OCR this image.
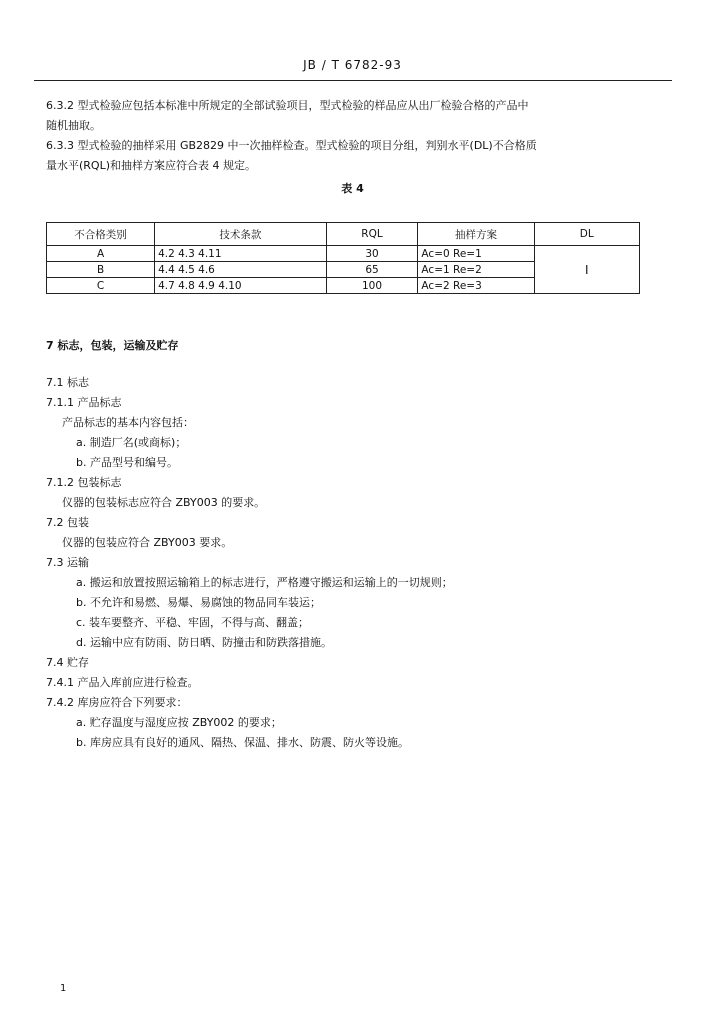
JB / T 6782-93
6.3.2 型式检验应包括本标准中所规定的全部试验项目，型式检验的样品应从出厂检验合格的产品中
随机抽取。
6.3.3 型式检验的抽样采用 GB2829 中一次抽样检查。型式检验的项目分组，判别水平(DL)不合格质
量水平(RQL)和抽样方案应符合表 4 规定。
表 4
不合格类别	技术条款	RQL	抽样方案	DL
A	4.2 4.3 4.11	30	Ac=0 Re=1	I
B	4.4 4.5 4.6	65	Ac=1 Re=2	
C	4.7 4.8 4.9 4.10	100	Ac=2 Re=3	
7 标志，包装，运输及贮存
7.1 标志
7.1.1 产品标志
产品标志的基本内容包括：
a. 制造厂名(或商标)；
b. 产品型号和编号。
7.1.2 包装标志
仪器的包装标志应符合 ZBY003 的要求。
7.2 包装
仪器的包装应符合 ZBY003 要求。
7.3 运输
a. 搬运和放置按照运输箱上的标志进行，严格遵守搬运和运输上的一切规则；
b. 不允许和易燃、易爆、易腐蚀的物品同车装运；
c. 装车要整齐、平稳、牢固，不得与高、翻盖；
d. 运输中应有防雨、防日晒、防撞击和防跌落措施。
7.4 贮存
7.4.1 产品入库前应进行检查。
7.4.2 库房应符合下列要求：
a. 贮存温度与湿度应按 ZBY002 的要求；
b. 库房应具有良好的通风、隔热、保温、排水、防震、防火等设施。
1
